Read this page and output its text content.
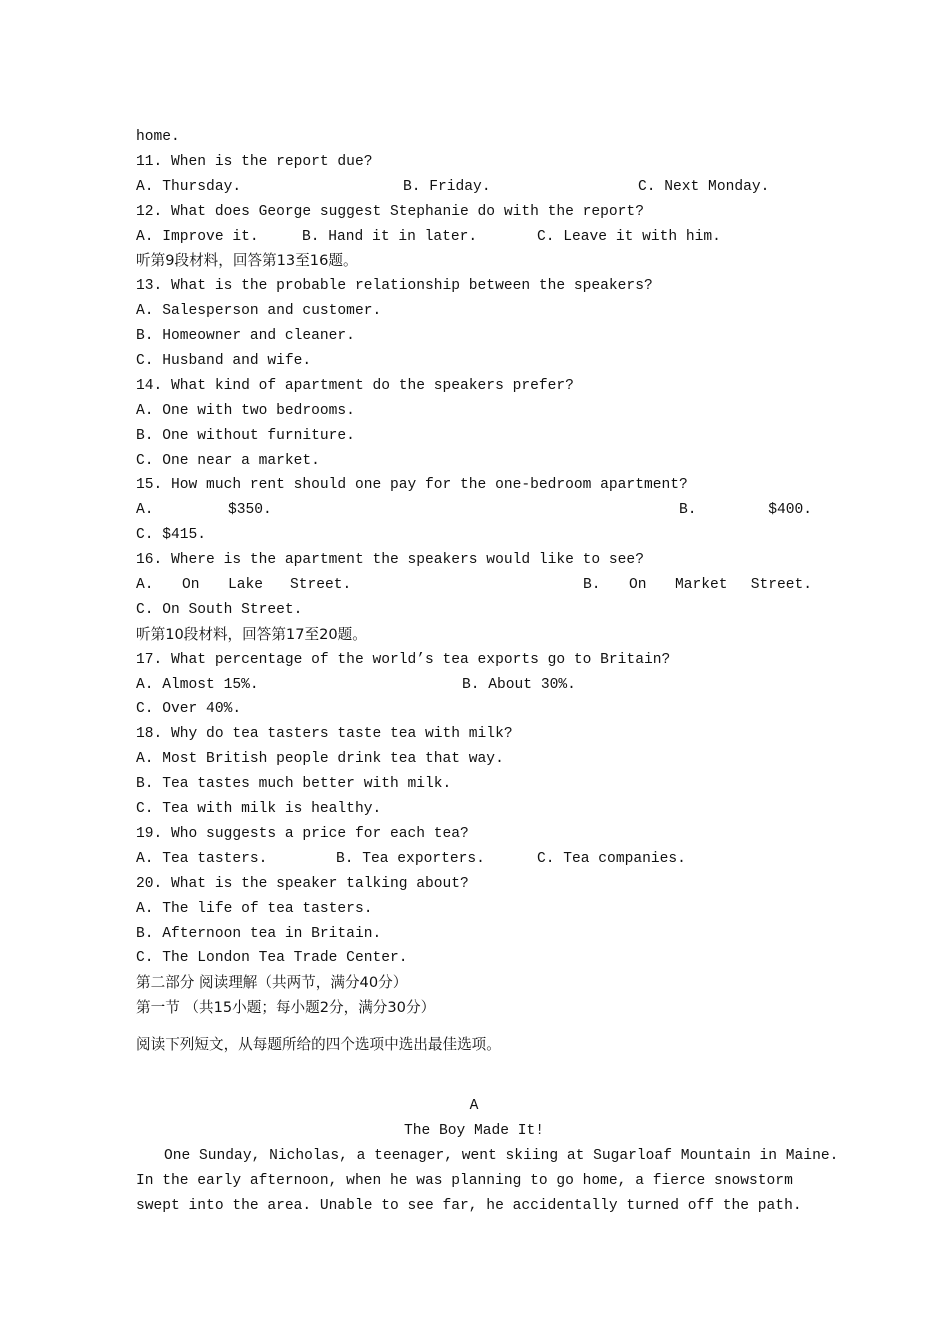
home.
11. When is the report due?

A. Thursday.

	B. Friday.

	C. Next Monday.

12. What does George suggest Stephanie do with the report?

A. Improve it.

	B. Hand it in later.

	C. Leave it with him.

听第9段材料，回答第13至16题。
13. What is the probable relationship between the speakers?
A. Salesperson and customer.
B. Homeowner and cleaner.
C. Husband and wife.
14. What kind of apartment do the speakers prefer?
A. One with two bedrooms.
B. One without furniture.
C. One near a market.
15. How much rent should one pay for the one-bedroom apartment?

A.

	$350.

	B.

	$400.

C. $415.
16. Where is the apartment the speakers would like to see?

A.

On

Lake

Street.

	B.

On

Market

Street.

C. On South Street.
听第10段材料，回答第17至20题。
17. What percentage of the world’s tea exports go to Britain?

A. Almost 15%.

	B. About 30%.

C. Over 40%.
18. Why do tea tasters taste tea with milk?
A. Most British people drink tea that way.
B. Tea tastes much better with milk.
C. Tea with milk is healthy.
19. Who suggests a price for each tea?

A. Tea tasters.

	B. Tea exporters.

	C. Tea companies.

20. What is the speaker talking about?
A. The life of tea tasters.
B. Afternoon tea in Britain.
C. The London Tea Trade Center.
第二部分 阅读理解（共两节，满分40分）
第一节 （共15小题；每小题2分，满分30分）
阅读下列短文，从每题所给的四个选项中选出最佳选项。
A
The Boy Made It!
One Sunday, Nicholas, a teenager, went skiing at Sugarloaf Mountain in Maine.
In the early afternoon, when he was planning to go home, a fierce snowstorm
swept into the area. Unable to see far, he accidentally turned off the path.
